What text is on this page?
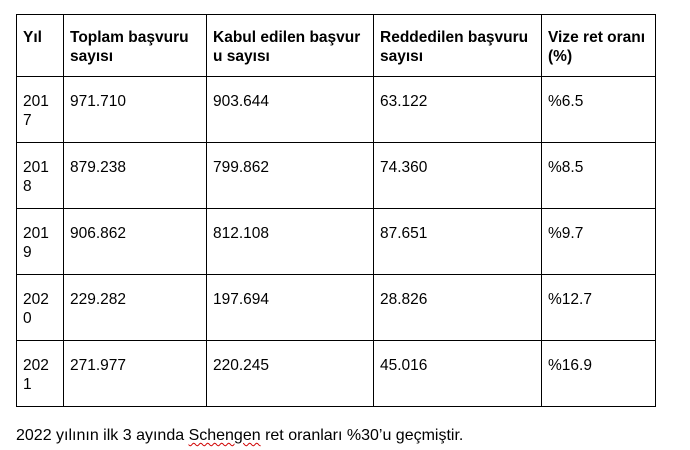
Yıl	Toplam başvuru sayısı	Kabul edilen başvuru sayısı	Reddedilen başvuru sayısı	Vize ret oranı (%)
2017	971.710	903.644	63.122	%6.5
2018	879.238	799.862	74.360	%8.5
2019	906.862	812.108	87.651	%9.7
2020	229.282	197.694	28.826	%12.7
2021	271.977	220.245	45.016	%16.9

2022 yılının ilk 3 ayında Schengen ret oranları %30’u geçmiştir.
